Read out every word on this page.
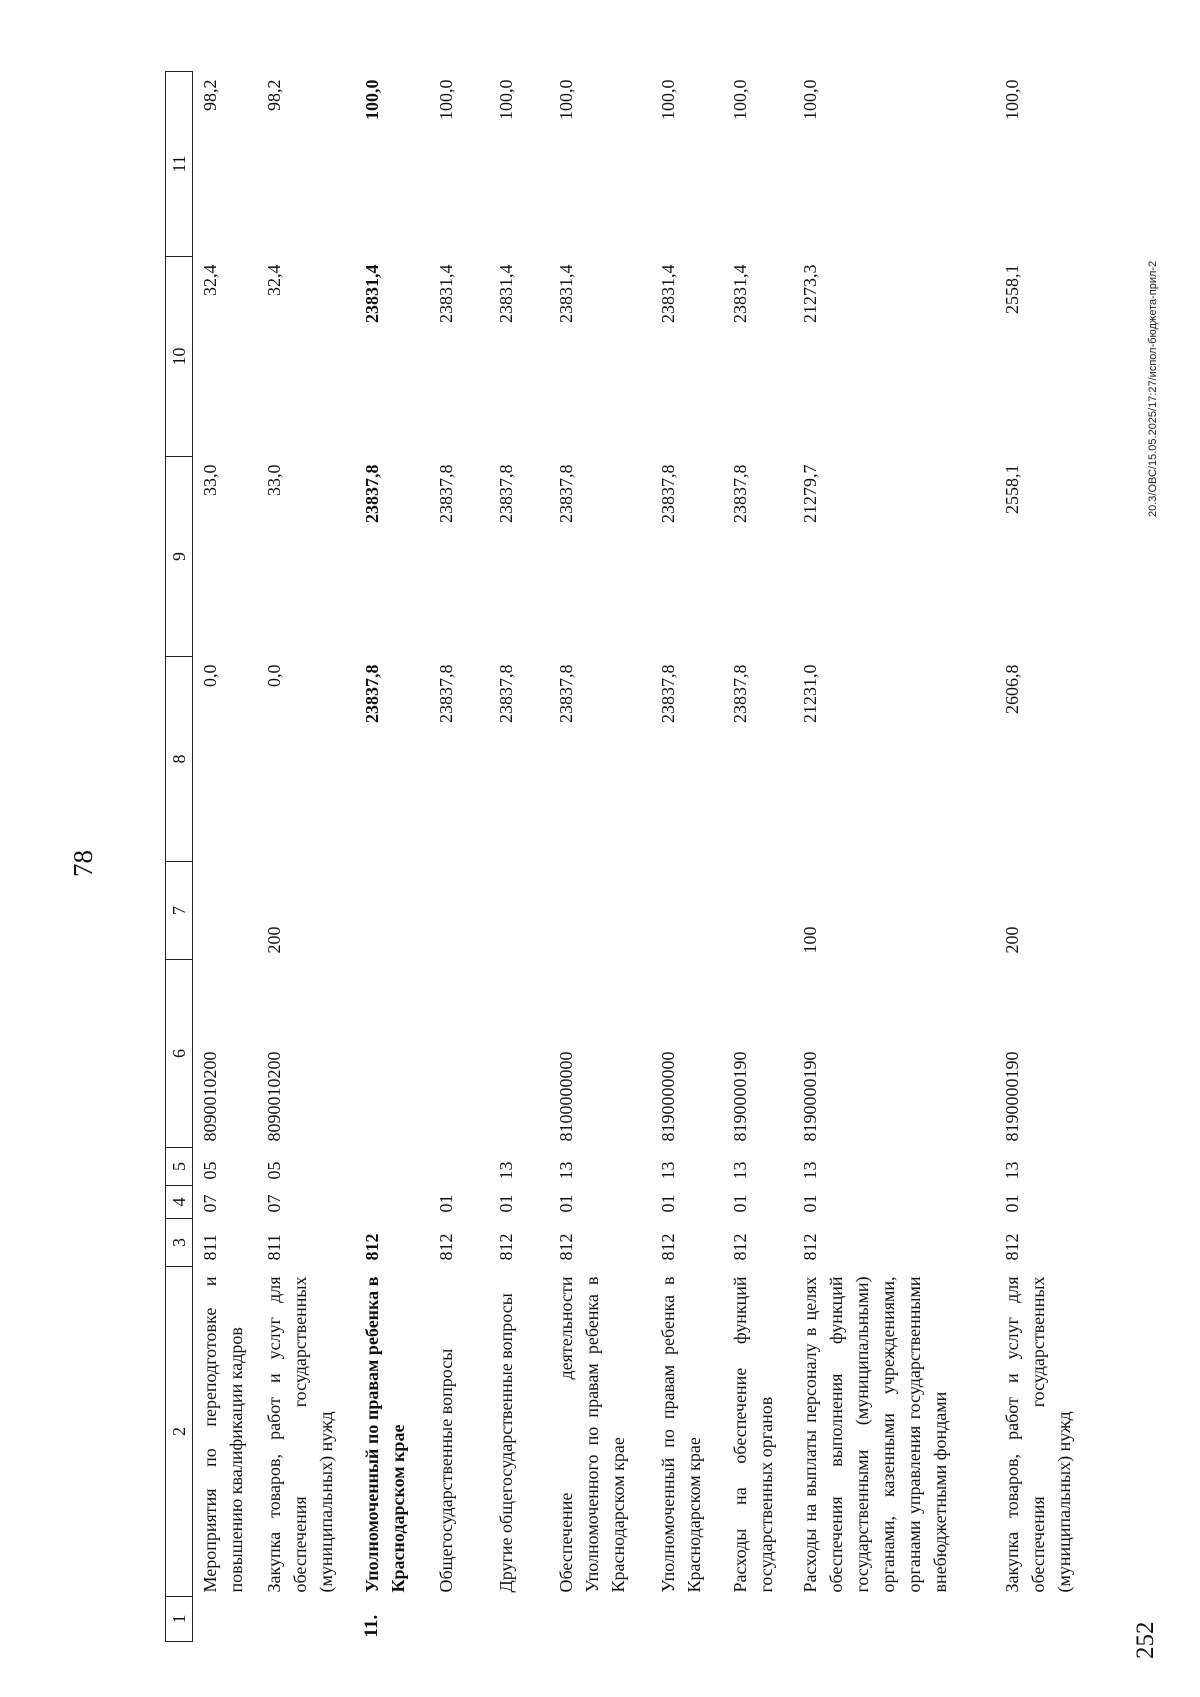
78
1	2	3	4	5	6	7	8	9	10	11
	Мероприятия по переподготовке и повышению квалификации кадров	811	07	05	8090010200		0,0	33,0	32,4	98,2
	Закупка товаров, работ и услуг для обеспечения государственных (муниципальных) нужд	811	07	05	8090010200	200	0,0	33,0	32,4	98,2
11.	Уполномоченный по правам ребенка в Краснодарском крае	812					23837,8	23837,8	23831,4	100,0
	Общегосударственные вопросы	812	01				23837,8	23837,8	23831,4	100,0
	Другие общегосударственные вопросы	812	01	13			23837,8	23837,8	23831,4	100,0
	Обеспечение деятельности Уполномоченного по правам ребенка в Краснодарском крае	812	01	13	8100000000		23837,8	23837,8	23831,4	100,0
	Уполномоченный по правам ребенка в Краснодарском крае	812	01	13	8190000000		23837,8	23837,8	23831,4	100,0
	Расходы на обеспечение функций государственных органов	812	01	13	8190000190		23837,8	23837,8	23831,4	100,0
	Расходы на выплаты персоналу в целях обеспечения выполнения функций государственными (муниципальными) органами, казенными учреждениями, органами управления государственными внебюджетными фондами	812	01	13	8190000190	100	21231,0	21279,7	21273,3	100,0
	Закупка товаров, работ и услуг для обеспечения государственных (муниципальных) нужд	812	01	13	8190000190	200	2606,8	2558,1	2558,1	100,0
20.3/ОВС/15.05.2025/17:27/испол-бюджета-прил-2
252
